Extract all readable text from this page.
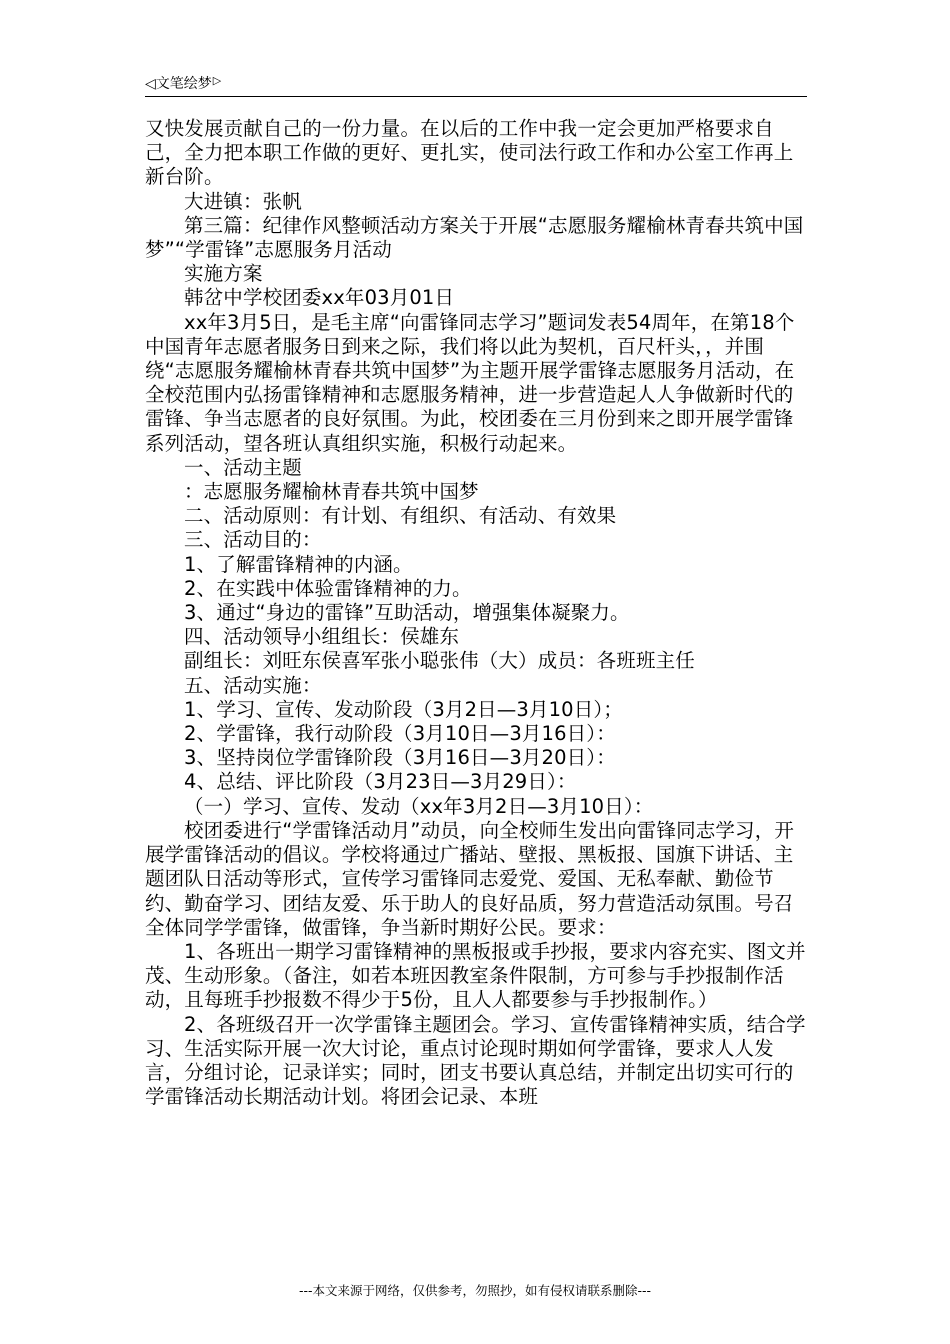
◁ 文笔绘梦 ▷

又快发展贡献自己的一份力量。在以后的工作中我一定会更加严格要求自己，全力把本职工作做的更好、更扎实，使司法行政工作和办公室工作再上新台阶。

大进镇：张帆

第三篇：纪律作风整顿活动方案关于开展“志愿服务耀榆林青春共筑中国梦”“学雷锋”志愿服务月活动

实施方案

韩岔中学校团委xx年03月01日

xx年3月5日，是毛主席“向雷锋同志学习”题词发表54周年，在第18个中国青年志愿者服务日到来之际，我们将以此为契机，百尺杆头，，并围绕“志愿服务耀榆林青春共筑中国梦”为主题开展学雷锋志愿服务月活动，在全校范围内弘扬雷锋精神和志愿服务精神，进一步营造起人人争做新时代的雷锋、争当志愿者的良好氛围。为此，校团委在三月份到来之即开展学雷锋系列活动，望各班认真组织实施，积极行动起来。

一、活动主题

：志愿服务耀榆林青春共筑中国梦

二、活动原则：有计划、有组织、有活动、有效果

三、活动目的：

1、了解雷锋精神的内涵。

2、在实践中体验雷锋精神的力。

3、通过“身边的雷锋”互助活动，增强集体凝聚力。

四、活动领导小组组长：侯雄东

副组长：刘旺东侯喜军张小聪张伟（大）成员：各班班主任

五、活动实施：

1、学习、宣传、发动阶段（3月2日—3月10日）；

2、学雷锋，我行动阶段（3月10日—3月16日）：

3、坚持岗位学雷锋阶段（3月16日—3月20日）：

4、总结、评比阶段（3月23日—3月29日）：

（一）学习、宣传、发动（xx年3月2日—3月10日）：

校团委进行“学雷锋活动月”动员，向全校师生发出向雷锋同志学习，开展学雷锋活动的倡议。学校将通过广播站、壁报、黑板报、国旗下讲话、主题团队日活动等形式，宣传学习雷锋同志爱党、爱国、无私奉献、勤俭节约、勤奋学习、团结友爱、乐于助人的良好品质，努力营造活动氛围。号召全体同学学雷锋，做雷锋，争当新时期好公民。要求：

1、各班出一期学习雷锋精神的黑板报或手抄报，要求内容充实、图文并茂、生动形象。（备注，如若本班因教室条件限制，方可参与手抄报制作活动，且每班手抄报数不得少于5份，且人人都要参与手抄报制作。）

2、各班级召开一次学雷锋主题团会。学习、宣传雷锋精神实质，结合学习、生活实际开展一次大讨论，重点讨论现时期如何学雷锋，要求人人发言，分组讨论，记录详实；同时，团支书要认真总结，并制定出切实可行的学雷锋活动长期活动计划。将团会记录、本班

---本文来源于网络，仅供参考，勿照抄，如有侵权请联系删除---
